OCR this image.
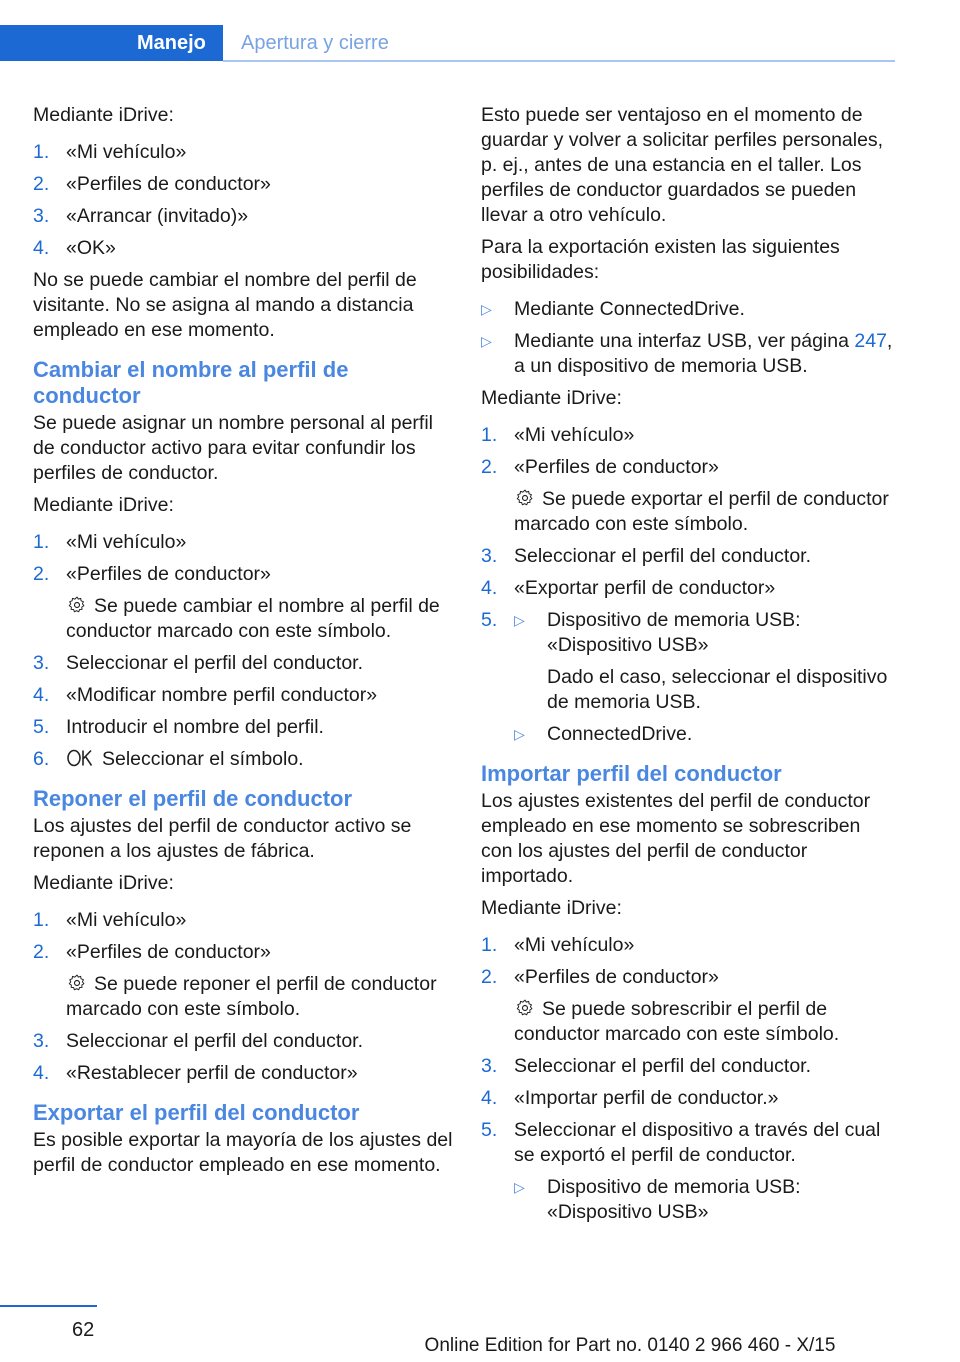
Manejo	Apertura y cierre

Mediante iDrive:

1. «Mi vehículo»
2. «Perfiles de conductor»
3. «Arrancar (invitado)»
4. «OK»

No se puede cambiar el nombre del perfil de visitante. No se asigna al mando a distancia empleado en ese momento.

Cambiar el nombre al perfil de conductor

Se puede asignar un nombre personal al perfil de conductor activo para evitar confundir los perfiles de conductor.

Mediante iDrive:

1. «Mi vehículo»
2. «Perfiles de conductor»
Se puede cambiar el nombre al perfil de conductor marcado con este símbolo.
3. Seleccionar el perfil del conductor.
4. «Modificar nombre perfil conductor»
5. Introducir el nombre del perfil.
6.	Seleccionar el símbolo.
Reponer el perfil de conductor

Los ajustes del perfil de conductor activo se reponen a los ajustes de fábrica.

Mediante iDrive:

1. «Mi vehículo»
2. «Perfiles de conductor»
Se puede reponer el perfil de conductor marcado con este símbolo.
3. Seleccionar el perfil del conductor.
4. «Restablecer perfil de conductor»
Exportar el perfil del conductor

Es posible exportar la mayoría de los ajustes del perfil de conductor empleado en ese momento.

Esto puede ser ventajoso en el momento de guardar y volver a solicitar perfiles personales, p. ej., antes de una estancia en el taller. Los perfiles de conductor guardados se pueden llevar a otro vehículo.

Para la exportación existen las siguientes posibilidades:

▷ Mediante ConnectedDrive.
▷ Mediante una interfaz USB, ver página 247, a un dispositivo de memoria USB.

Mediante iDrive:

1. «Mi vehículo»
2. «Perfiles de conductor»
Se puede exportar el perfil de conductor marcado con este símbolo.
3. Seleccionar el perfil del conductor.
4. «Exportar perfil de conductor»
5. ▷ Dispositivo de memoria USB: «Dispositivo USB»
Dado el caso, seleccionar el dispositivo de memoria USB.
▷ ConnectedDrive.
Importar perfil del conductor

Los ajustes existentes del perfil de conductor empleado en ese momento se sobrescriben con los ajustes del perfil de conductor importado.

Mediante iDrive:

1. «Mi vehículo»
2. «Perfiles de conductor»
Se puede sobrescribir el perfil de conductor marcado con este símbolo.
3. Seleccionar el perfil del conductor.
4. «Importar perfil de conductor.»
5. Seleccionar el dispositivo a través del cual se exportó el perfil de conductor.
▷ Dispositivo de memoria USB: «Dispositivo USB»
62
Online Edition for Part no. 0140 2 966 460 - X/15
